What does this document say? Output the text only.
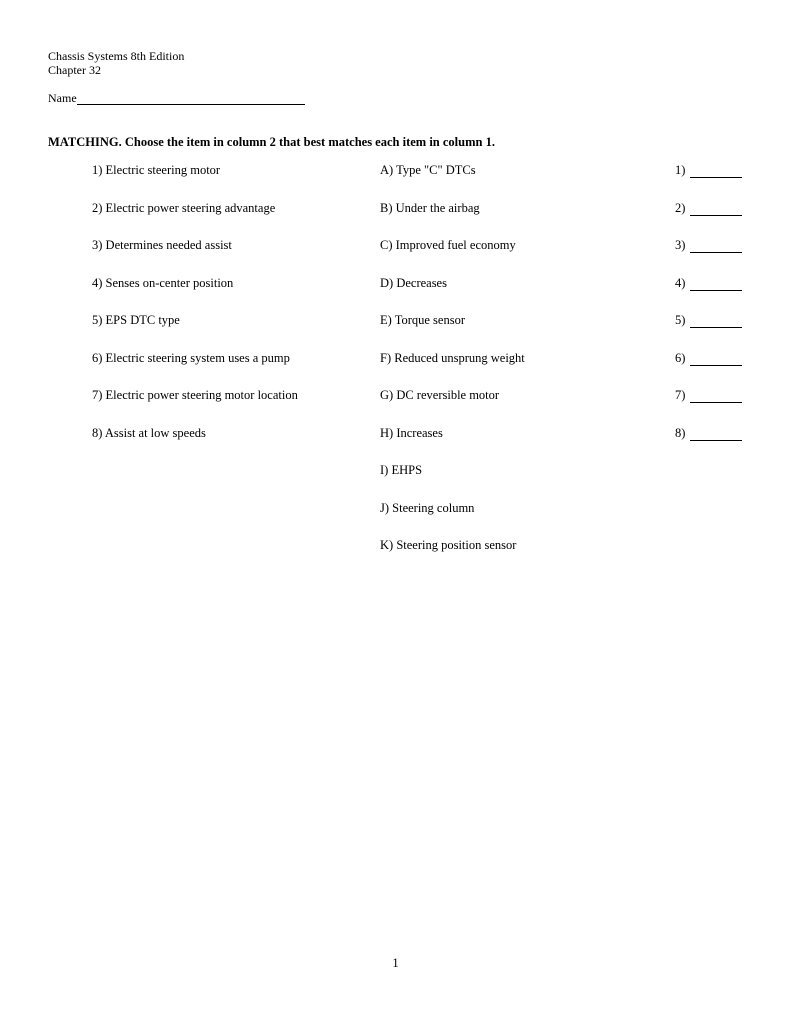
Chassis Systems 8th Edition
Chapter 32
Name
MATCHING. Choose the item in column 2 that best matches each item in column 1.
1) Electric steering motor
2) Electric power steering advantage
3) Determines needed assist
4) Senses on-center position
5) EPS DTC type
6) Electric steering system uses a pump
7) Electric power steering motor location
8) Assist at low speeds
A) Type "C" DTCs
B) Under the airbag
C) Improved fuel economy
D) Decreases
E) Torque sensor
F) Reduced unsprung weight
G) DC reversible motor
H) Increases
I) EHPS
J) Steering column
K) Steering position sensor
1)
2)
3)
4)
5)
6)
7)
8)
1
